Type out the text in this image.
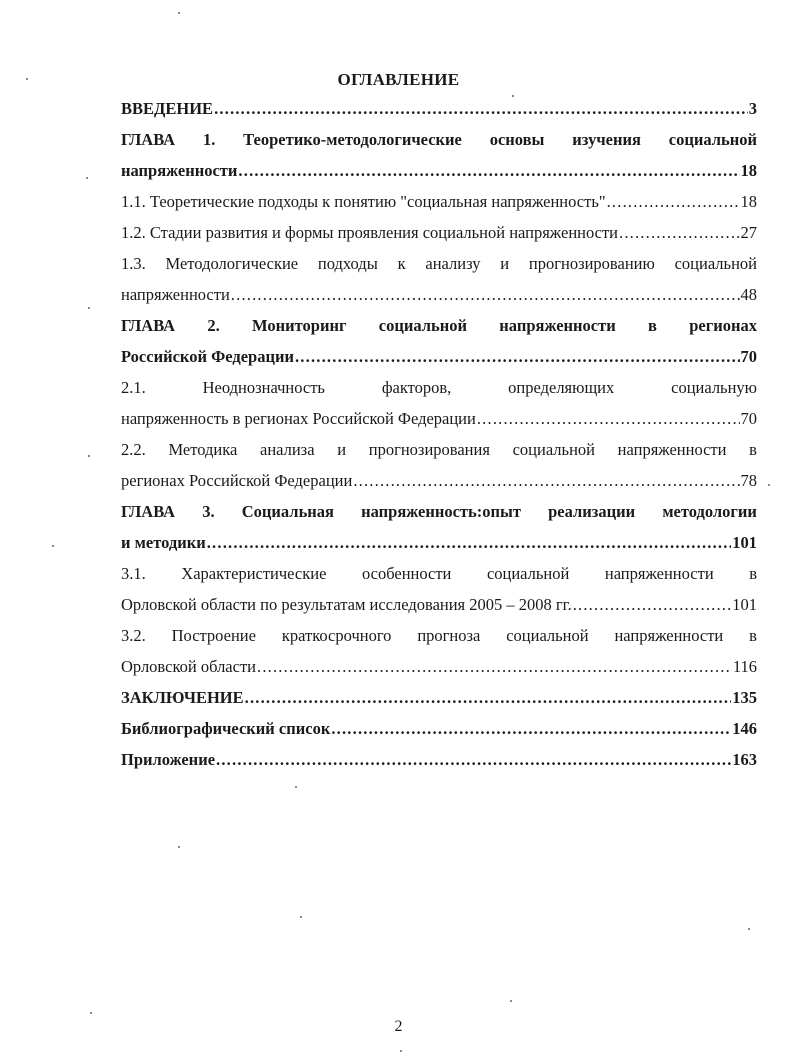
ОГЛАВЛЕНИЕ
ВВЕДЕНИЕ .....	3
ГЛАВА 1. Теоретико-методологические основы изучения социальной
напряженности .....	18
1.1. Теоретические подходы к понятию "социальная напряженность" .....	18
1.2. Стадии развития и формы проявления социальной напряженности .....	27
1.3. Методологические подходы к анализу и прогнозированию социальной
напряженности .....	48
ГЛАВА 2. Мониторинг социальной напряженности в регионах
Российской Федерации .....	70
2.1.	Неоднозначность	факторов,	определяющих	социальную
напряженность в регионах Российской Федерации .....	70
2.2. Методика анализа и прогнозирования социальной напряженности в
регионах Российской Федерации .....	78
ГЛАВА 3. Социальная напряженность:опыт реализации методологии
и методики .....	101
3.1. Характеристические особенности социальной напряженности в
Орловской области по результатам исследования 2005 – 2008 гг. .....	101
3.2. Построение краткосрочного прогноза социальной напряженности в
Орловской области .....	116
ЗАКЛЮЧЕНИЕ .....	135
Библиографический список .....	146
Приложение .....	163
2
